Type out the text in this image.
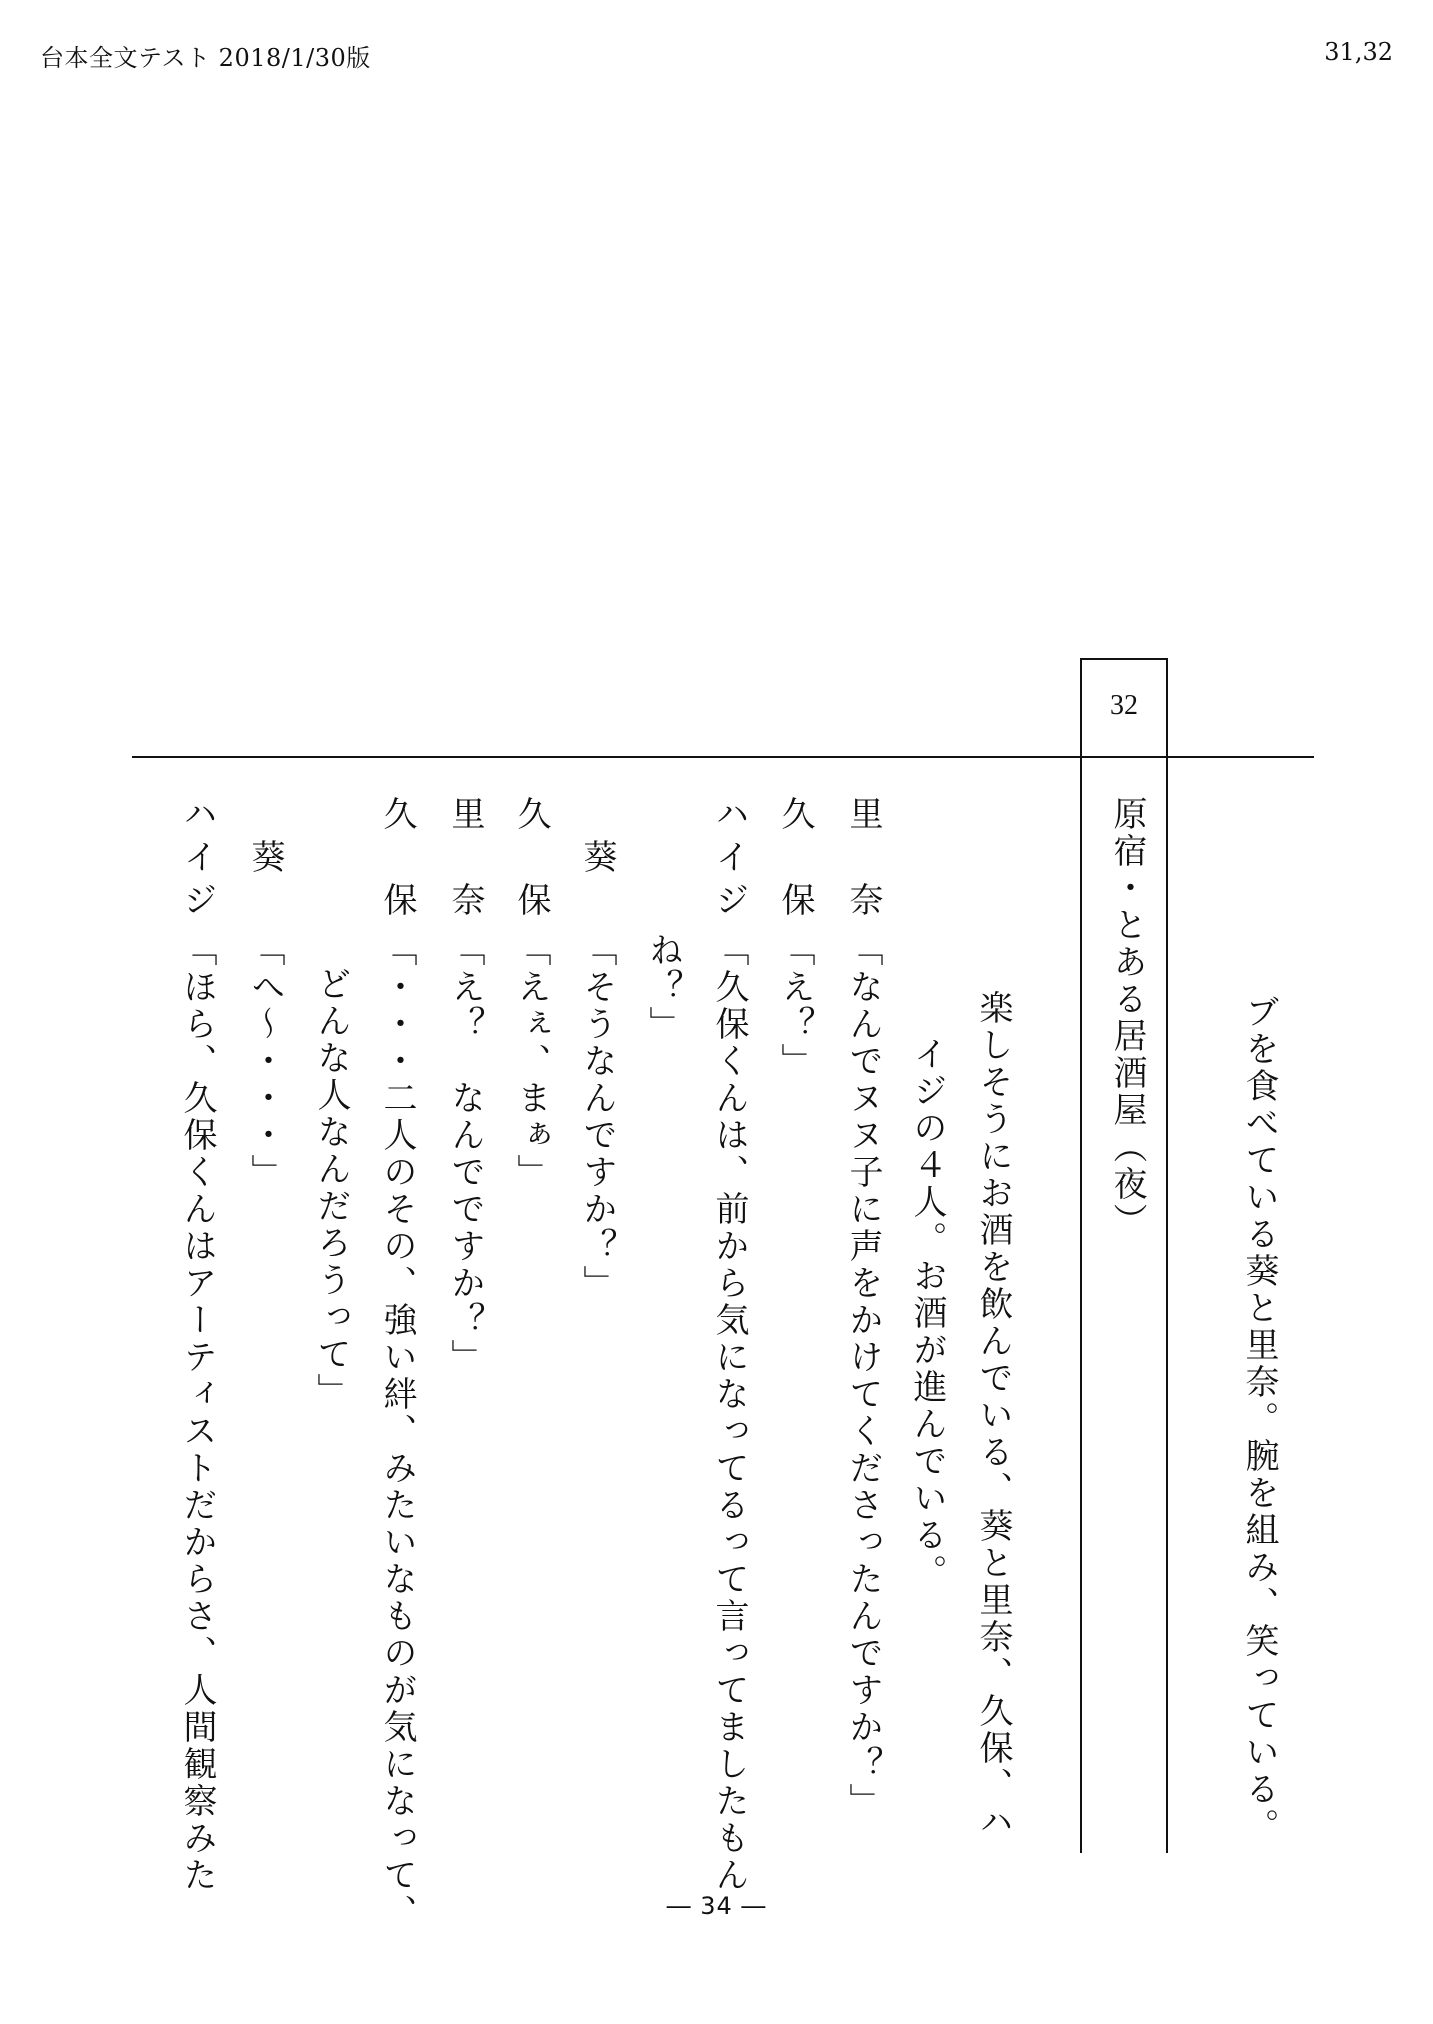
台本全文テスト 2018/1/30版	31,32
ブを食べている葵と里奈。腕を組み、笑っている。
32
原宿・とある居酒屋（夜）
楽しそうにお酒を飲んでいる、葵と里奈、久保、ハ
イジの４人。お酒が進んでいる。
里奈
「なんでヌヌ子に声をかけてくださったんですか？」
久保
「え？」
ハイジ
「久保くんは、前から気になってるって言ってましたもん
ね？」
葵
「そうなんですか？」
久保
「えぇ、まぁ」
里奈
「え？　なんでですか？」
久保
「・・・二人のその、強い絆、みたいなものが気になって、
どんな人なんだろうって」
葵
「へ～・・・」
ハイジ
「ほら、久保くんはアーティストだからさ、人間観察みた
― 34 ―
